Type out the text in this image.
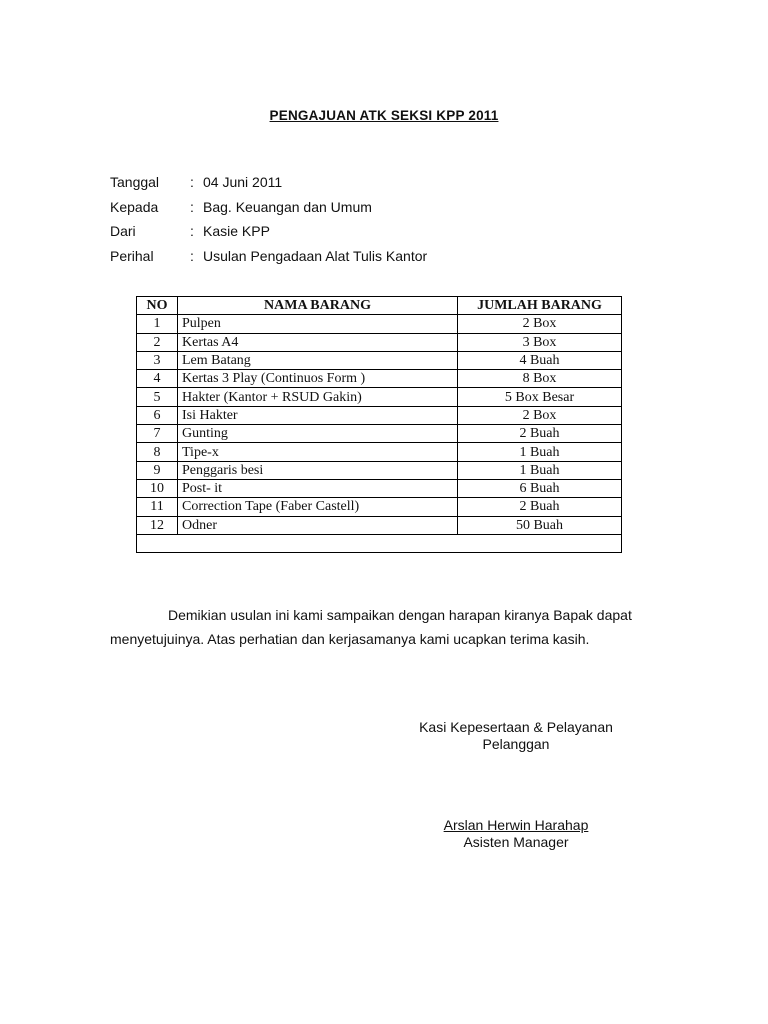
PENGAJUAN ATK SEKSI KPP 2011
Tanggal : 04 Juni 2011
Kepada : Bag. Keuangan dan Umum
Dari	: Kasie KPP
Perihal	: Usulan Pengadaan Alat Tulis Kantor
NO	NAMA BARANG	JUMLAH BARANG
1	Pulpen	2 Box
2	Kertas A4	3 Box
3	Lem Batang	4 Buah
4	Kertas 3 Play (Continuos Form )	8 Box
5	Hakter (Kantor + RSUD Gakin)	5 Box Besar
6	Isi Hakter	2 Box
7	Gunting	2 Buah
8	Tipe-x	1 Buah
9	Penggaris besi	1 Buah
10	Post- it	6 Buah
11	Correction Tape (Faber Castell)	2 Buah
12	Odner	50 Buah

Demikian usulan ini kami sampaikan dengan harapan kiranya Bapak dapat
menyetujuinya. Atas perhatian dan kerjasamanya kami ucapkan terima kasih.
Kasi Kepesertaan & Pelayanan
Pelanggan
Arslan Herwin Harahap
Asisten Manager
